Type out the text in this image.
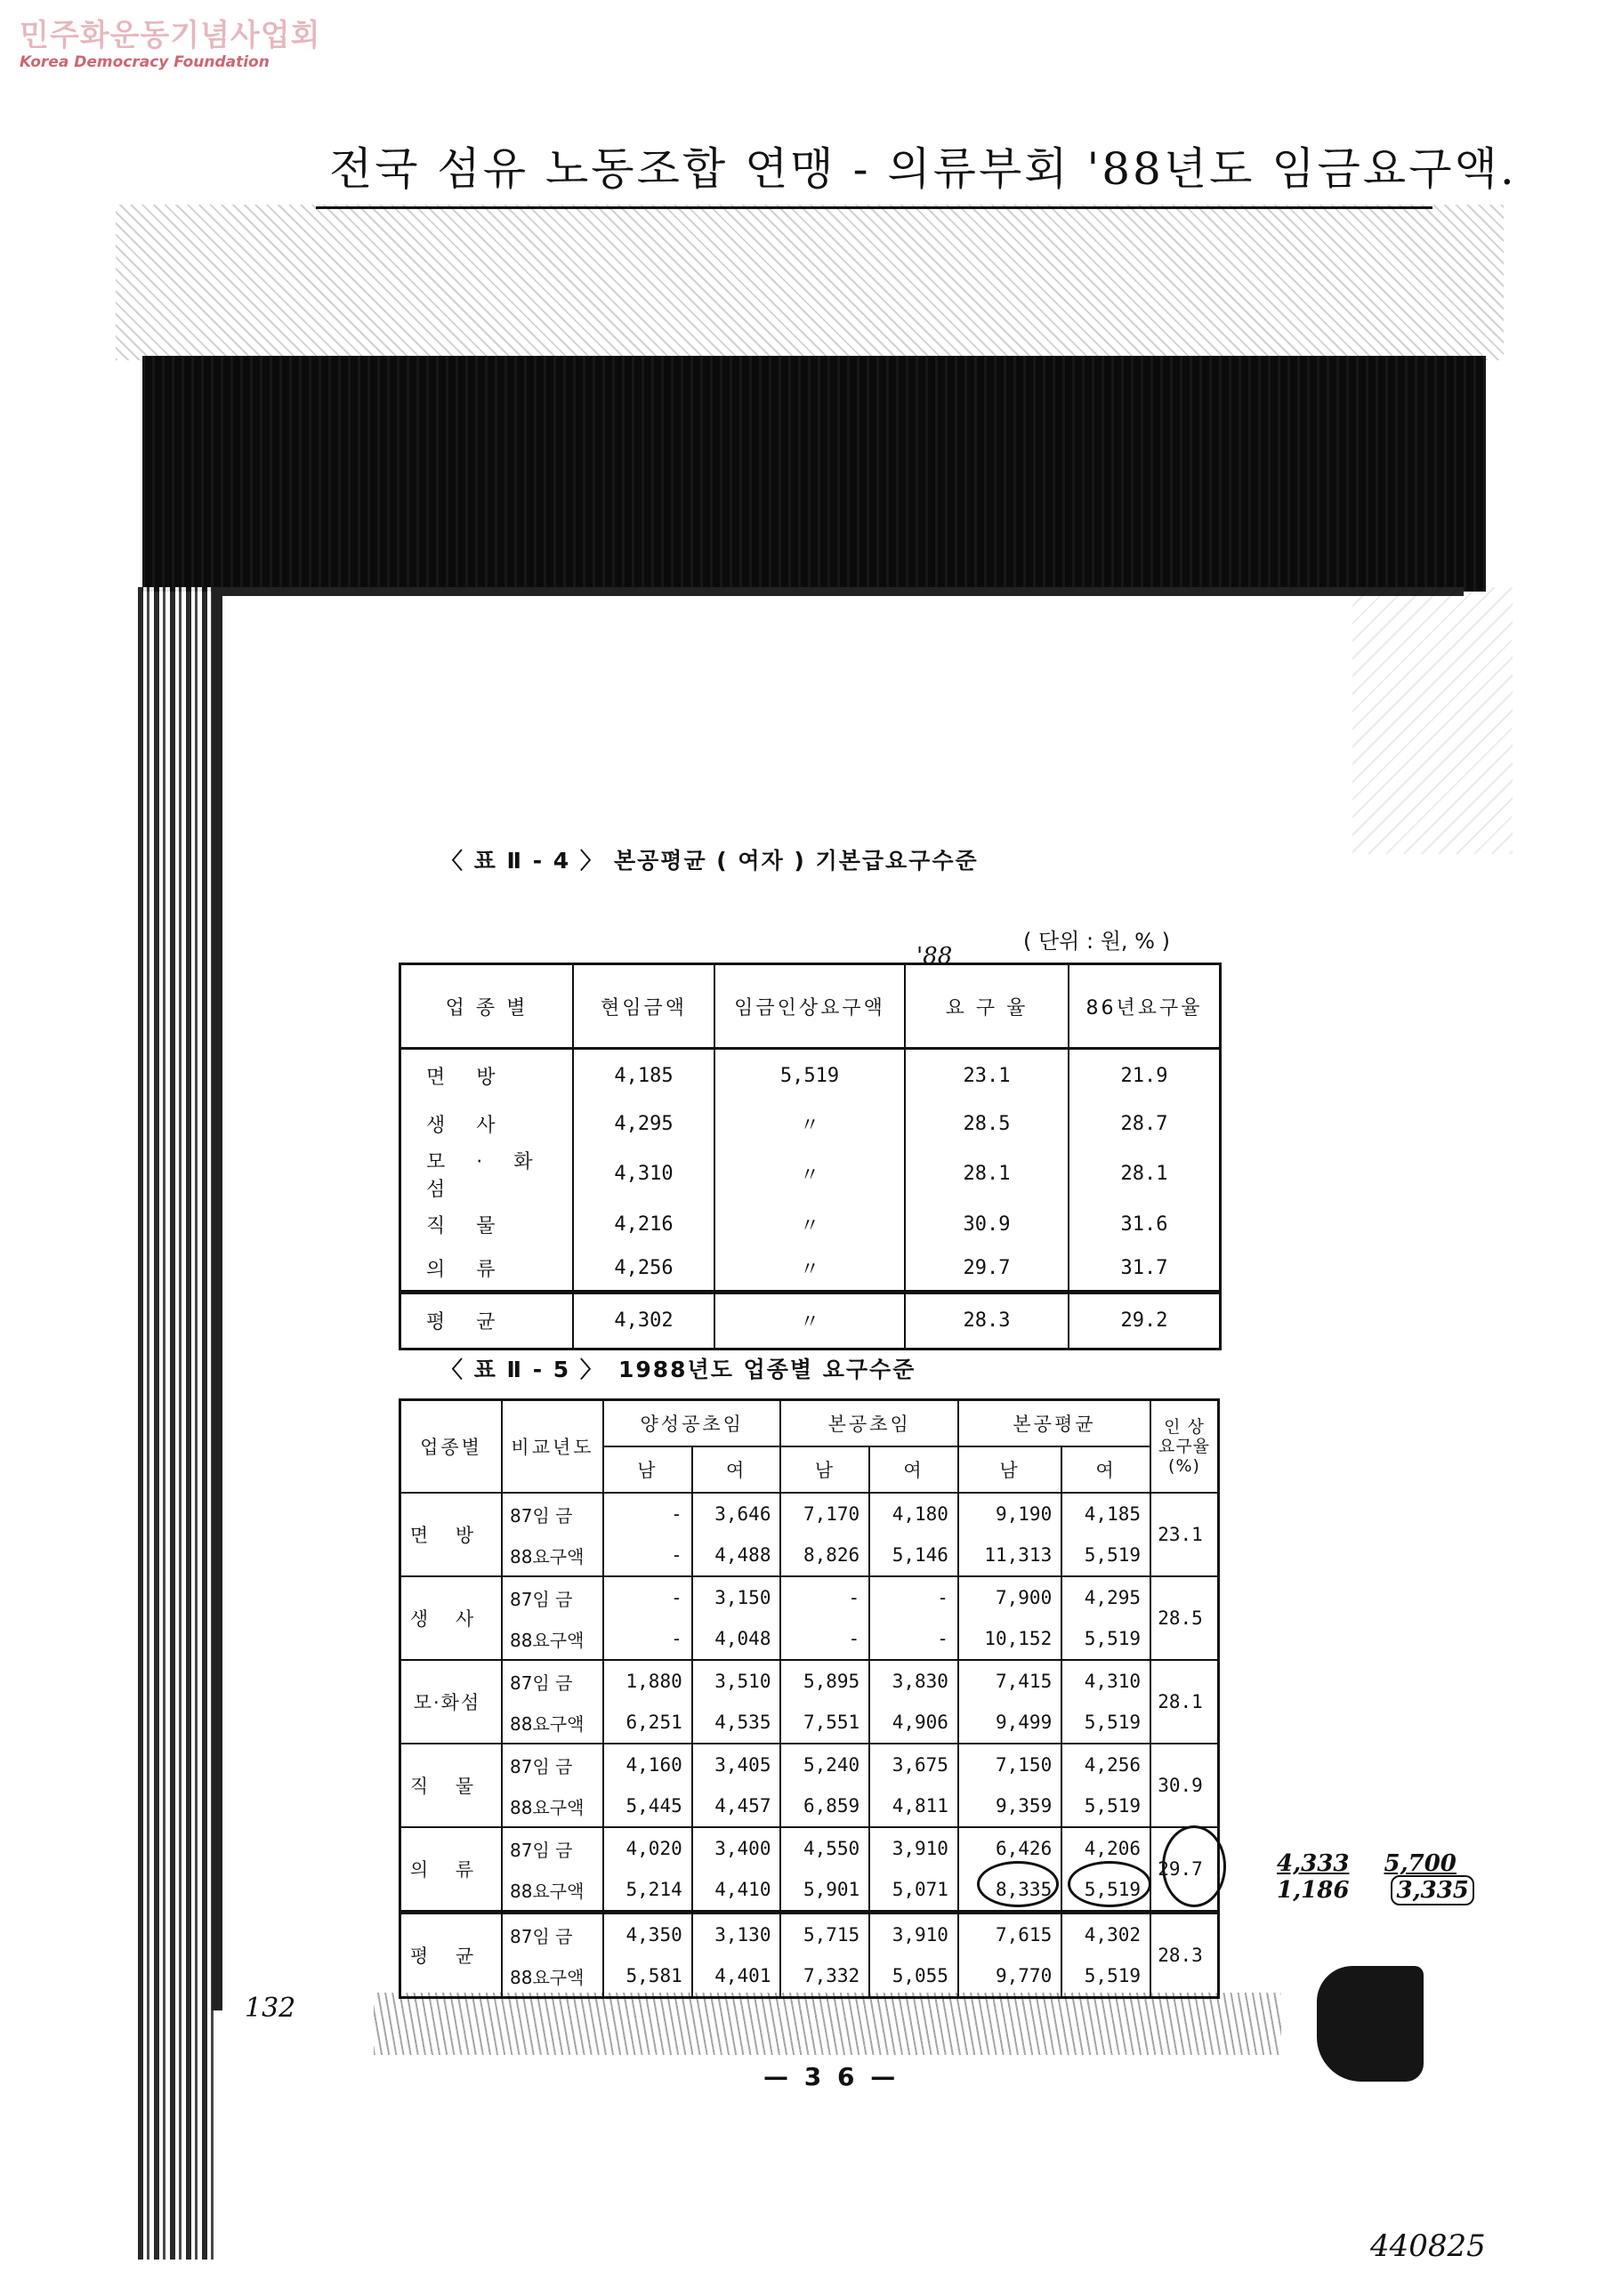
민주화운동기념사업회
Korea Democracy Foundation
전국 섬유 노동조합 연맹 - 의류부회 '88년도 임금요구액.
〈 표 Ⅱ - 4 〉 본공평균 ( 여자 ) 기본급요구수준
( 단위 : 원, % )
업 종 별	현임금액	임금인상요구액	요 구 율	86년요구율
면 방	4,185	5,519	23.1	21.9
생 사	4,295	〃	28.5	28.7
모 · 화섬	4,310	〃	28.1	28.1
직 물	4,216	〃	30.9	31.6
의 류	4,256	〃	29.7	31.7
평 균	4,302	〃	28.3	29.2
〈 표 Ⅱ - 5 〉 1988년도 업종별 요구수준
업종별	비교년도	양성공초임		본공초임		본공평균		인 상 요구율 (%)
		남	여	남	여	남	여	
면 방	87임 금	-	3,646	7,170	4,180	9,190	4,185	23.1
	88요구액	-	4,488	8,826	5,146	11,313	5,519	
생 사	87임 금	-	3,150	-	-	7,900	4,295	28.5
	88요구액	-	4,048	-	-	10,152	5,519	
모·화섬	87임 금	1,880	3,510	5,895	3,830	7,415	4,310	28.1
	88요구액	6,251	4,535	7,551	4,906	9,499	5,519	
직 물	87임 금	4,160	3,405	5,240	3,675	7,150	4,256	30.9
	88요구액	5,445	4,457	6,859	4,811	9,359	5,519	
의 류	87임 금	4,020	3,400	4,550	3,910	6,426	4,206	29.7
	88요구액	5,214	4,410	5,901	5,071	8,335	5,519	
평 균	87임 금	4,350	3,130	5,715	3,910	7,615	4,302	28.3
	88요구액	5,581	4,401	7,332	5,055	9,770	5,519	
4,333 5,700
1,186 3,335
132
— 3 6 —
440825
'88
